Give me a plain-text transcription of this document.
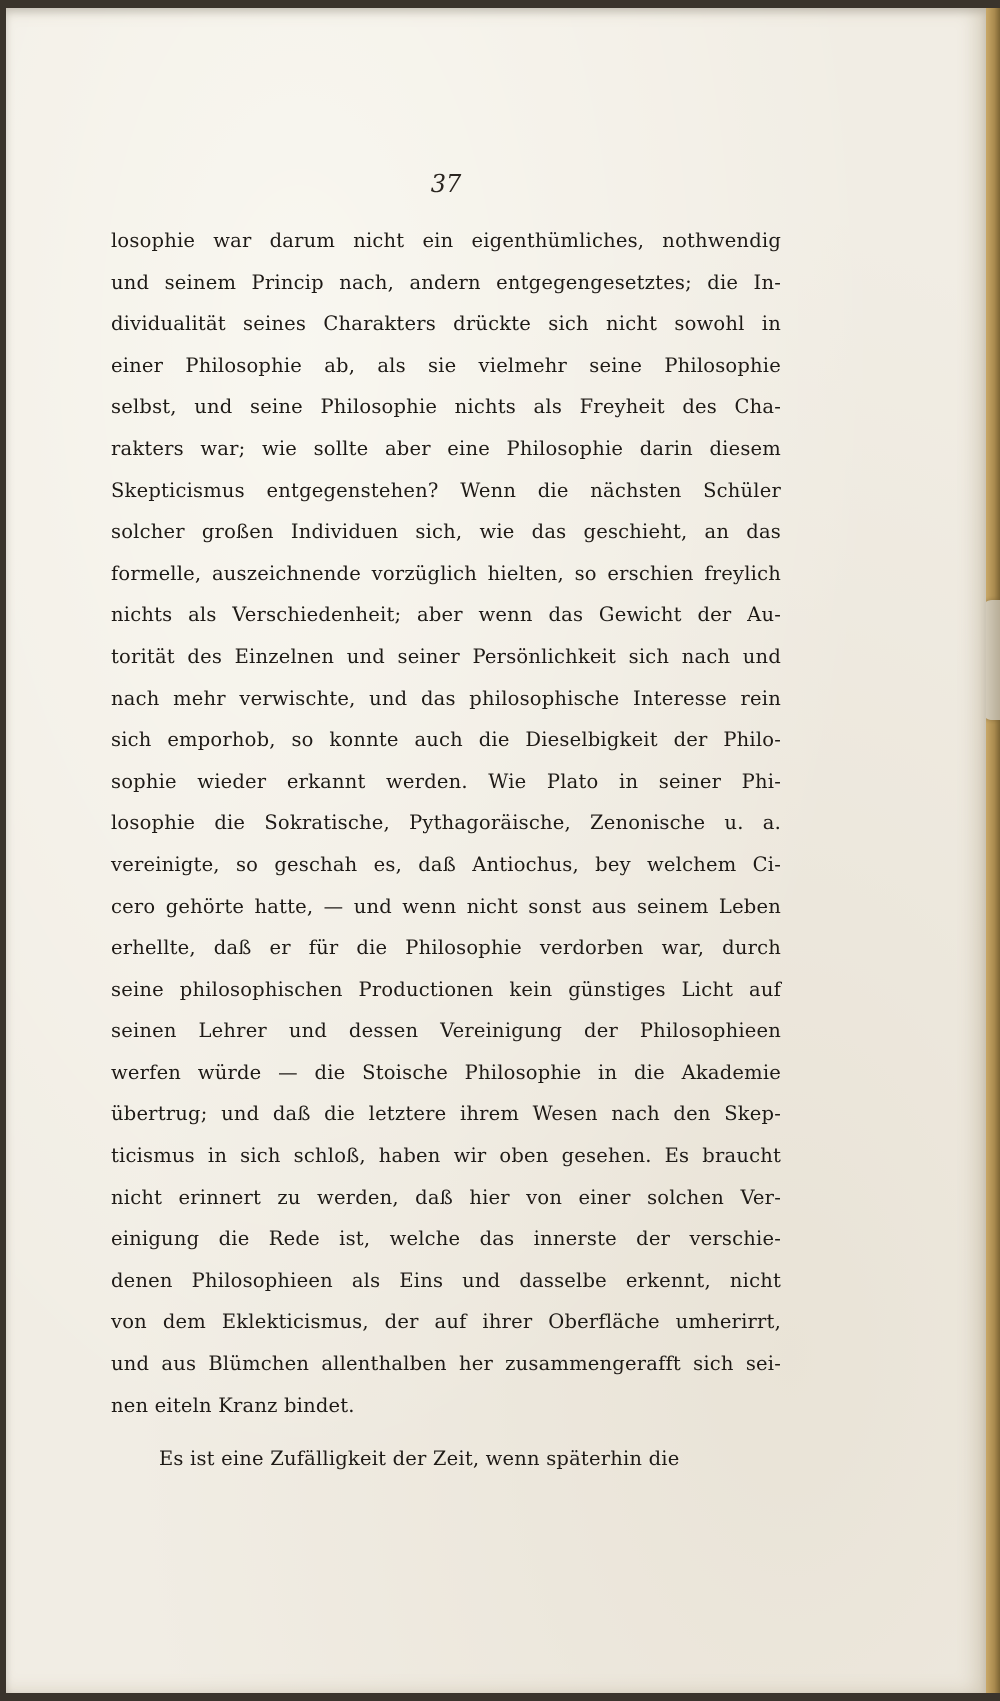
37
losophie war darum nicht ein eigenthümliches, nothwendig
und seinem Princip nach, andern entgegengesetztes; die In-
dividualität seines Charakters drückte sich nicht sowohl in
einer Philosophie ab, als sie vielmehr seine Philosophie
selbst, und seine Philosophie nichts als Freyheit des Cha-
rakters war; wie sollte aber eine Philosophie darin diesem
Skepticismus entgegenstehen? Wenn die nächsten Schüler
solcher großen Individuen sich, wie das geschieht, an das
formelle, auszeichnende vorzüglich hielten, so erschien freylich
nichts als Verschiedenheit; aber wenn das Gewicht der Au-
torität des Einzelnen und seiner Persönlichkeit sich nach und
nach mehr verwischte, und das philosophische Interesse rein
sich emporhob, so konnte auch die Dieselbigkeit der Philo-
sophie wieder erkannt werden. Wie Plato in seiner Phi-
losophie die Sokratische, Pythagoräische, Zenonische u. a.
vereinigte, so geschah es, daß Antiochus, bey welchem Ci-
cero gehörte hatte, — und wenn nicht sonst aus seinem Leben
erhellte, daß er für die Philosophie verdorben war, durch
seine philosophischen Productionen kein günstiges Licht auf
seinen Lehrer und dessen Vereinigung der Philosophieen
werfen würde — die Stoische Philosophie in die Akademie
übertrug; und daß die letztere ihrem Wesen nach den Skep-
ticismus in sich schloß, haben wir oben gesehen. Es braucht
nicht erinnert zu werden, daß hier von einer solchen Ver-
einigung die Rede ist, welche das innerste der verschie-
denen Philosophieen als Eins und dasselbe erkennt, nicht
von dem Eklekticismus, der auf ihrer Oberfläche umherirrt,
und aus Blümchen allenthalben her zusammengerafft sich sei-
nen eiteln Kranz bindet.
Es ist eine Zufälligkeit der Zeit, wenn späterhin die
